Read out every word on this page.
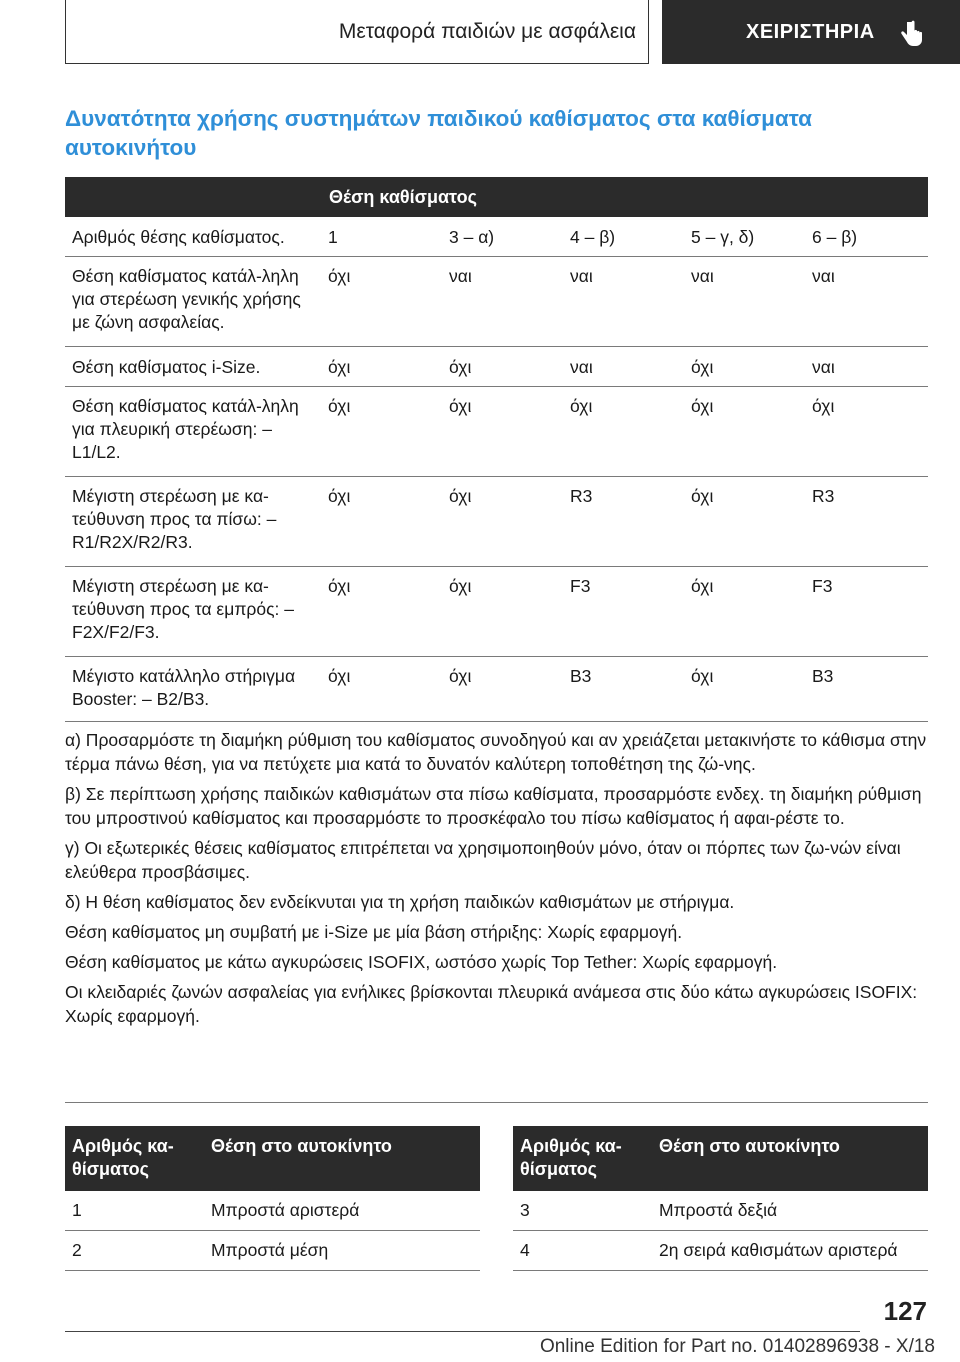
Μεταφορά παιδιών με ασφάλεια	ΧΕΙΡΙΣΤΗΡΙΑ
Δυνατότητα χρήσης συστημάτων παιδικού καθίσματος στα καθίσματα αυτοκινήτου
Θέση καθίσματος
Αριθμός θέσης καθίσματος.	1	3 – α)	4 – β)	5 – γ, δ)	6 – β)
Θέση καθίσματος κατάλ-ληλη για στερέωση γενικής χρήσης με ζώνη ασφαλείας.
όχι	ναι	ναι	ναι	ναι
Θέση καθίσματος i-Size.	όχι	όχι	ναι	όχι	ναι
Θέση καθίσματος κατάλ-ληλη για πλευρική στερέωση: – L1/L2.
όχι	όχι	όχι	όχι	όχι
Μέγιστη στερέωση με κα-τεύθυνση προς τα πίσω: – R1/R2X/R2/R3.
όχι	όχι	R3	όχι	R3
Μέγιστη στερέωση με κα-τεύθυνση προς τα εμπρός: – F2X/F2/F3.
όχι	όχι	F3	όχι	F3
Μέγιστο κατάλληλο στήριγμα Booster: – B2/B3.
όχι	όχι	B3	όχι	B3

α) Προσαρμόστε τη διαμήκη ρύθμιση του καθίσματος συνοδηγού και αν χρειάζεται μετακινήστε το κάθισμα στην τέρμα πάνω θέση, για να πετύχετε μια κατά το δυνατόν καλύτερη τοποθέτηση της ζώ-νης.

β) Σε περίπτωση χρήσης παιδικών καθισμάτων στα πίσω καθίσματα, προσαρμόστε ενδεχ. τη διαμήκη ρύθμιση του μπροστινού καθίσματος και προσαρμόστε το προσκέφαλο του πίσω καθίσματος ή αφαι-ρέστε το.

γ) Οι εξωτερικές θέσεις καθίσματος επιτρέπεται να χρησιμοποιηθούν μόνο, όταν οι πόρπες των ζω-νών είναι ελεύθερα προσβάσιμες.

δ) Η θέση καθίσματος δεν ενδείκνυται για τη χρήση παιδικών καθισμάτων με στήριγμα.

Θέση καθίσματος μη συμβατή με i-Size με μία βάση στήριξης: Χωρίς εφαρμογή.

Θέση καθίσματος με κάτω αγκυρώσεις ISOFIX, ωστόσο χωρίς Top Tether: Χωρίς εφαρμογή.

Οι κλειδαριές ζωνών ασφαλείας για ενήλικες βρίσκονται πλευρικά ανάμεσα στις δύο κάτω αγκυρώσεις ISOFIX: Χωρίς εφαρμογή.

Αριθμός κα-θίσματος
Θέση στο αυτοκίνητο
1	Μπροστά αριστερά
2	Μπροστά μέση
Αριθμός κα-θίσματος
Θέση στο αυτοκίνητο
3	Μπροστά δεξιά
4	2η σειρά καθισμάτων αριστερά
127
Online Edition for Part no. 01402896938 - X/18
